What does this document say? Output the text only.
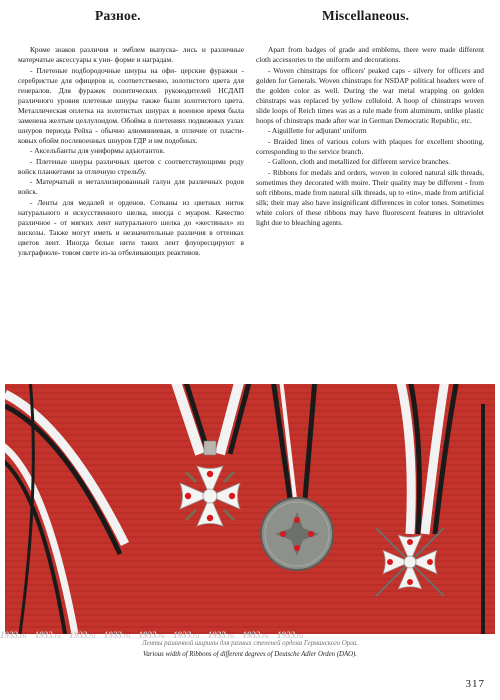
Разное.	Miscellaneous.

Кроме знаков различия и эмблем выпуска- лись и различные матерчатые аксессуары к уни- форме и наградам.

- Плетеные подбородочные шнуры на офи- церские фуражки - серебристые для офицеров и, соответственно, золотистого цвета для генералов. Для фуражек политических руководителей НСДАП различного уровня плетеные шнуры также были золотистого цвета. Металлическая оплетка на золотистых шнурах в военное время была заменена желтым целлулоидом. Обойма в плетениях подвижных узлах шнуров периода Рейха - обычно алюминиевая, в отличие от пласти- ковых обойм послевоенных шнуров ГДР и им подобных.

- Аксельбанты для униформы адъютантов.

- Плетеные шнуры различных цветов с соответствующими роду войск планкетами за отличную стрельбу.

- Матерчатый и металлизированный галун для различных родов войск.

- Ленты для медалей и орденов. Сотканы из цветных ниток натурального и искусственного шелка, иногда с муаром. Качество различное - от мягких лент натурального шелка до «жестяных» из вискозы. Также могут иметь и незначительные различия в оттенках цветов лент. Иногда белые нити таких лент флуоресцируют в ультрафиоле- товом свете из-за отбеливающих реактивов.

Apart from badges of grade and emblems, there were made different cloth accessories to the uniform and decorations.

- Woven chinstraps for officers' peaked caps - silvery for officers and golden for Generals. Woven chinstraps for NSDAP political headers were of the golden color as well. During the war metal wrapping on golden chinstraps was replaced by yellow celluloid. A hoop of chinstraps woven slide loops of Reich times was as a rule made from aluminum, unlike plastic hoops of chinstraps made after war in German Democratic Republic, etc.

- Aiguillette for adjutant' uniform

- Braided lines of various colors with plaques for excellent shooting, corresponding to the service branch.

- Galloon, cloth and metallized for different service branches.

- Ribbons for medals and orders, woven in colored natural silk threads, sometimes they decorated with moire. Their quality may be different - from soft ribbons, made from natural silk threads, up to «tin», made from artificial silk; their may also have insignificant differences in color tones. Sometimes white colors of these ribbons may have fluorescent features in ultraviolet light due to bleaching agents.

1933.ru 1933.ru 1933.ru 1933.ru 1933.ru 1933.ru 1933.ru 1933.ru 1933.ru
Ленты различной ширины для разных степеней ордена Германского Орла.
Various width of Ribbons of different degrees of Deutsche Adler Orden (DAO).
317
